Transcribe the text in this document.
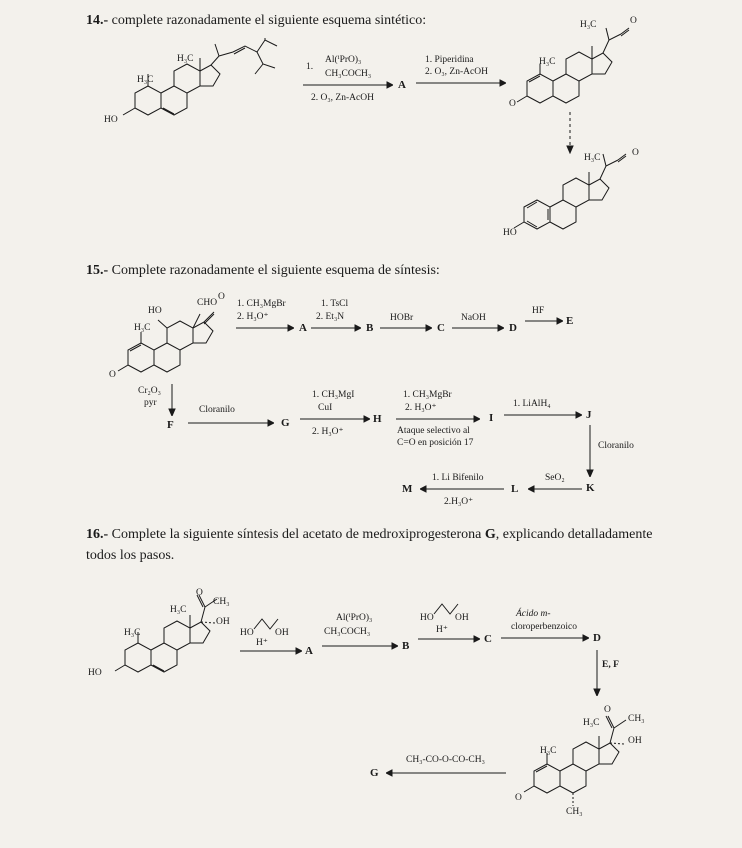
14.- complete razonadamente el siguiente esquema sintético:
H₃C
H₃C
HO
1.
Al(ⁱPrO)₃
CH₃COCH₃
2. O₃, Zn-AcOH
A
1. Piperidina
2. O₃, Zn-AcOH
H₃C	O
H₃C
O
H₃C	O
HO
15.- Complete razonadamente el siguiente esquema de síntesis:
HO
CHO
O
H₃C
O
1. CH₃MgBr
2. H₃O⁺
A
1. TsCl
2. Et₃N
B
HOBr
C
NaOH
D
HF
E
Cr₂O₃
pyr
F
Cloranilo
G
1. CH₃MgI
CuI
2. H₃O⁺
H
1. CH₃MgBr
2. H₃O⁺
Ataque selectivo al
C=O en posición 17
I
1. LiAlH₄
J
Cloranilo
K
SeO₂
L
1. Li Bifenilo
2.H₃O⁺
M
16.- Complete la siguiente síntesis del acetato de medroxiprogesterona G, explicando detalladamente
todos los pasos.
H₃C
O
CH₃
OH
H₃C
HO
HO OH
H⁺
A
Al(ⁱPrO)₃
CH₃COCH₃
B
HO OH
H⁺
C
Ácido m-
cloroperbenzoico
D
E, F
H₃C
O
CH₃
OH
H₃C
O
CH₃
CH₃-CO-O-CO-CH₃
G
